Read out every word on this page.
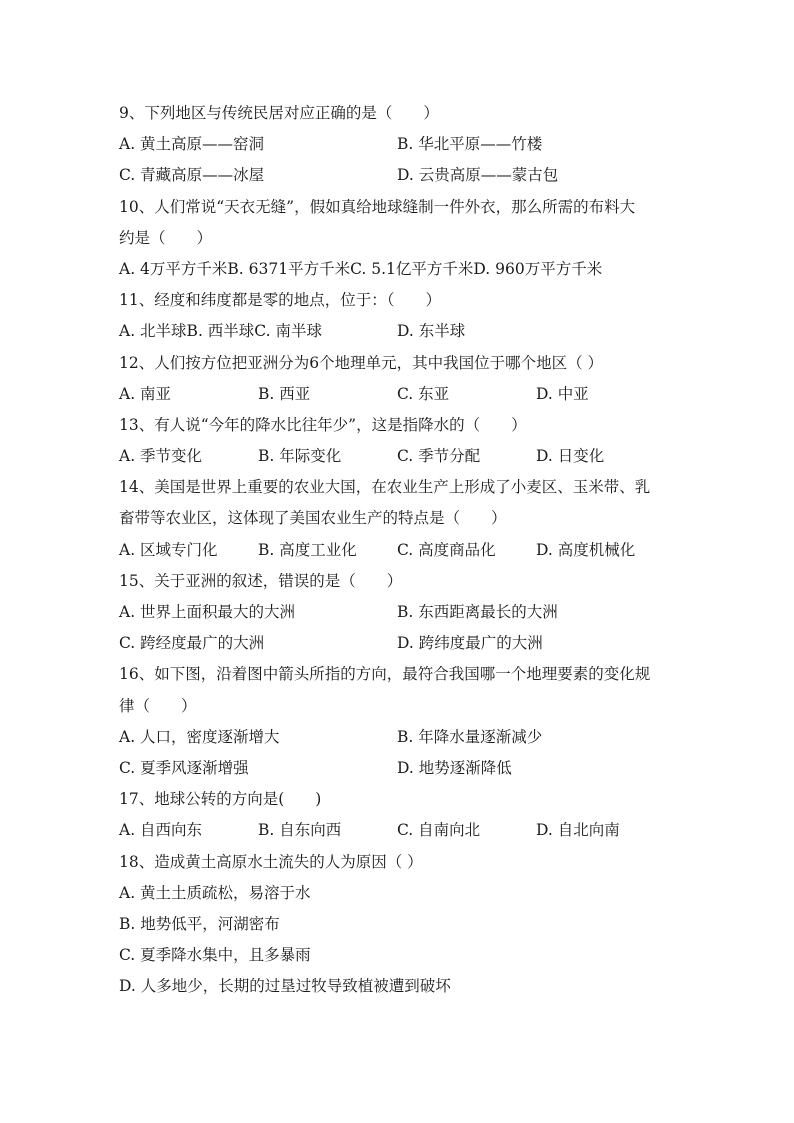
9、下列地区与传统民居对应正确的是（　　）
A. 黄土高原——窑洞	B. 华北平原——竹楼
C. 青藏高原——冰屋	D. 云贵高原——蒙古包
10、人们常说“天衣无缝”，假如真给地球缝制一件外衣，那么所需的布料大
约是（　　）
A. 4万平方千米B. 6371平方千米C. 5.1亿平方千米D. 960万平方千米
11、经度和纬度都是零的地点，位于：（　　）
A. 北半球B. 西半球C. 南半球	D. 东半球
12、人们按方位把亚洲分为6个地理单元，其中我国位于哪个地区（ ）
A. 南亚	B. 西亚	C. 东亚	D. 中亚
13、有人说“今年的降水比往年少”，这是指降水的（　　）
A. 季节变化	B. 年际变化	C. 季节分配	D. 日变化
14、美国是世界上重要的农业大国，在农业生产上形成了小麦区、玉米带、乳
畜带等农业区，这体现了美国农业生产的特点是（　　）
A. 区域专门化	B. 高度工业化	C. 高度商品化	D. 高度机械化
15、关于亚洲的叙述，错误的是（　　）
A. 世界上面积最大的大洲	B. 东西距离最长的大洲
C. 跨经度最广的大洲	D. 跨纬度最广的大洲
16、如下图，沿着图中箭头所指的方向，最符合我国哪一个地理要素的变化规
律（　　）
A. 人口，密度逐渐增大	B. 年降水量逐渐减少
C. 夏季风逐渐增强	D. 地势逐渐降低
17、地球公转的方向是(　　)
A. 自西向东	B. 自东向西	C. 自南向北	D. 自北向南
18、造成黄土高原水土流失的人为原因（ ）
A. 黄土土质疏松，易溶于水
B. 地势低平，河湖密布
C. 夏季降水集中，且多暴雨
D. 人多地少，长期的过垦过牧导致植被遭到破坏
